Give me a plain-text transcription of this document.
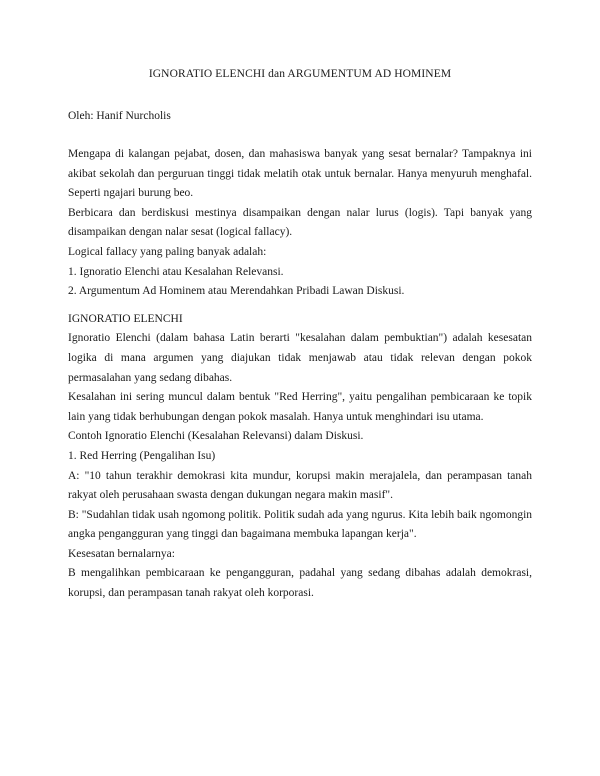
IGNORATIO ELENCHI dan ARGUMENTUM AD HOMINEM
Oleh: Hanif Nurcholis

Mengapa di kalangan pejabat, dosen, dan mahasiswa banyak yang sesat bernalar? Tampaknya ini akibat sekolah dan perguruan tinggi tidak melatih otak untuk bernalar. Hanya menyuruh menghafal. Seperti ngajari burung beo.

Berbicara dan berdiskusi mestinya disampaikan dengan nalar lurus (logis). Tapi banyak yang disampaikan dengan nalar sesat (logical fallacy).

Logical fallacy yang paling banyak adalah:

1. Ignoratio Elenchi atau Kesalahan Relevansi.

2. Argumentum Ad Hominem atau Merendahkan Pribadi Lawan Diskusi.

IGNORATIO ELENCHI

Ignoratio Elenchi (dalam bahasa Latin berarti "kesalahan dalam pembuktian") adalah kesesatan logika di mana argumen yang diajukan tidak menjawab atau tidak relevan dengan pokok permasalahan yang sedang dibahas.

Kesalahan ini sering muncul dalam bentuk "Red Herring", yaitu pengalihan pembicaraan ke topik lain yang tidak berhubungan dengan pokok masalah. Hanya untuk menghindari isu utama.

Contoh Ignoratio Elenchi (Kesalahan Relevansi) dalam Diskusi.

1. Red Herring (Pengalihan Isu)

A: "10 tahun terakhir demokrasi kita mundur, korupsi makin merajalela, dan perampasan tanah rakyat oleh perusahaan swasta dengan dukungan negara makin masif".

B: "Sudahlan tidak usah ngomong politik. Politik sudah ada yang ngurus. Kita lebih baik ngomongin angka pengangguran yang tinggi dan bagaimana membuka lapangan kerja".

Kesesatan bernalarnya:

B mengalihkan pembicaraan ke pengangguran, padahal yang sedang dibahas adalah demokrasi, korupsi, dan perampasan tanah rakyat oleh korporasi.
